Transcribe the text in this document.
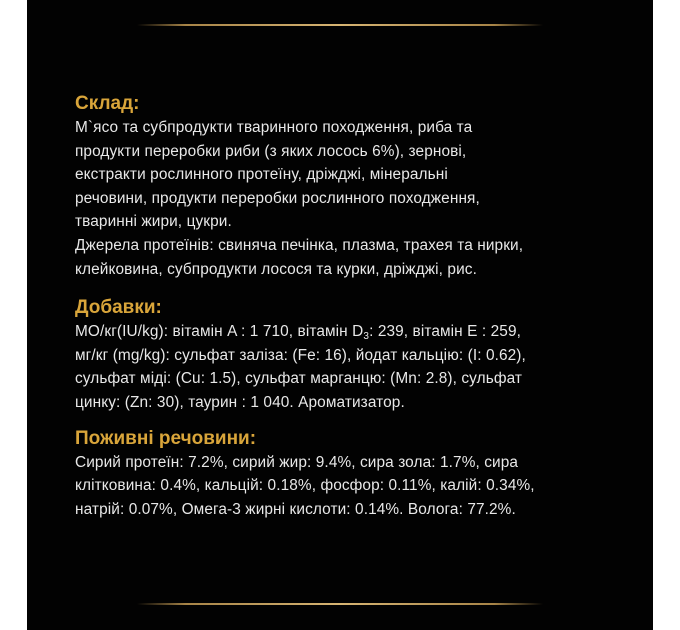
Склад:

М`ясо та субпродукти тваринного походження, риба та
продукти переробки риби (з яких лосось 6%), зернові,
екстракти рослинного протеїну, дріжджі, мінеральні
речовини, продукти переробки рослинного походження,
тваринні жири, цукри.
Джерела протеїнів: свиняча печінка, плазма, трахея та нирки,
клейковина, субпродукти лосося та курки, дріжджі, рис.

Добавки:

МО/кг(IU/kg): вітамін A : 1 710, вітамін $D_3$: 239, вітамін E : 259,
мг/кг (mg/kg): сульфат заліза: (Fe: 16), йодат кальцію: (I: 0.62),
сульфат міді: (Cu: 1.5), сульфат марганцю: (Mn: 2.8), сульфат
цинку: (Zn: 30), таурин : 1 040. Ароматизатор.

Поживні речовини:

Сирий протеїн: 7.2%, сирий жир: 9.4%, сира зола: 1.7%, сира
клітковина: 0.4%, кальцій: 0.18%, фосфор: 0.11%, калій: 0.34%,
натрій: 0.07%, Омега-3 жирні кислоти: 0.14%. Волога: 77.2%.
